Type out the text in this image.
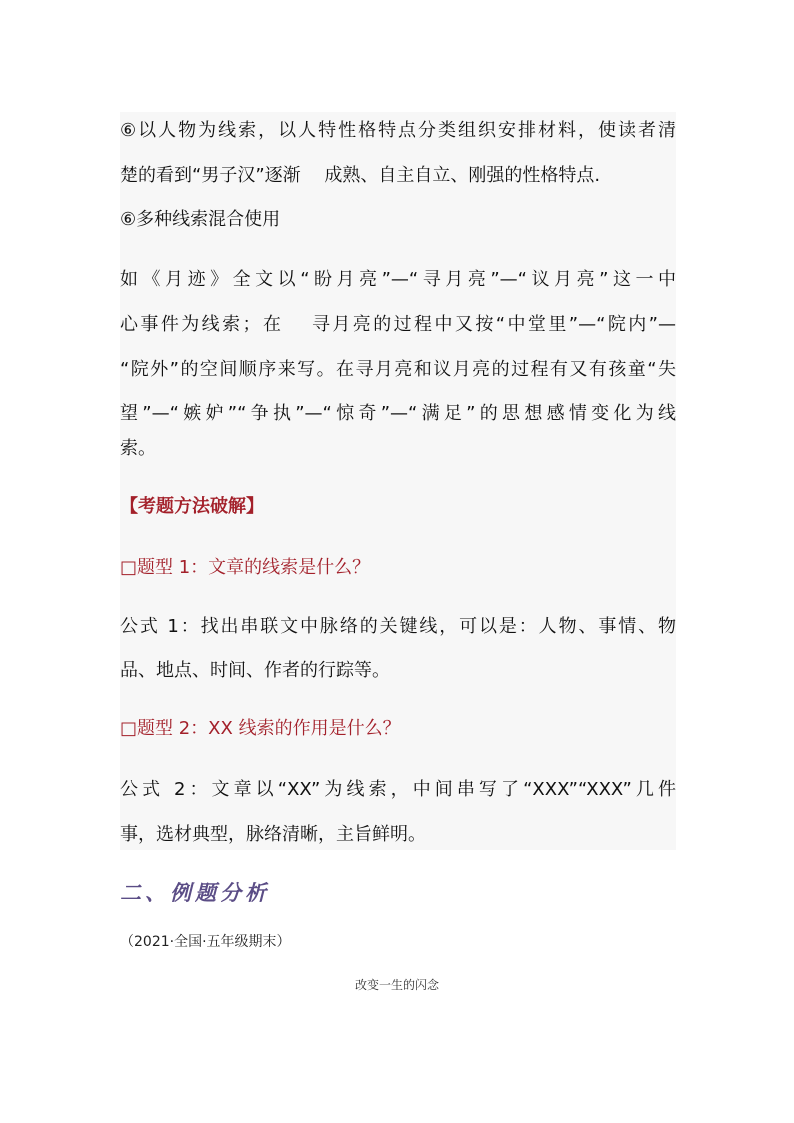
⑥以人物为线索，以人特性格特点分类组织安排材料，使读者清
楚的看到“男子汉”逐渐　 成熟、自主自立、刚强的性格特点.
⑥多种线索混合使用
如《月迹》全文以“盼月亮”—“寻月亮”—“议月亮”这一中
心事件为线索；在　 寻月亮的过程中又按“中堂里”—“院内”—
“院外”的空间顺序来写。在寻月亮和议月亮的过程有又有孩童“失
望”—“嫉妒”“争执”—“惊奇”—“满足”的思想感情变化为线
索。
【考题方法破解】
□题型 1：文章的线索是什么？
公式 1：找出串联文中脉络的关键线，可以是：人物、事情、物
品、地点、时间、作者的行踪等。
□题型 2：XX 线索的作用是什么？
公式 2：文章以“XX”为线索，中间串写了“XXX”“XXX”几件
事，选材典型，脉络清晰，主旨鲜明。
二、例题分析
（2021·全国·五年级期末）
改变一生的闪念
